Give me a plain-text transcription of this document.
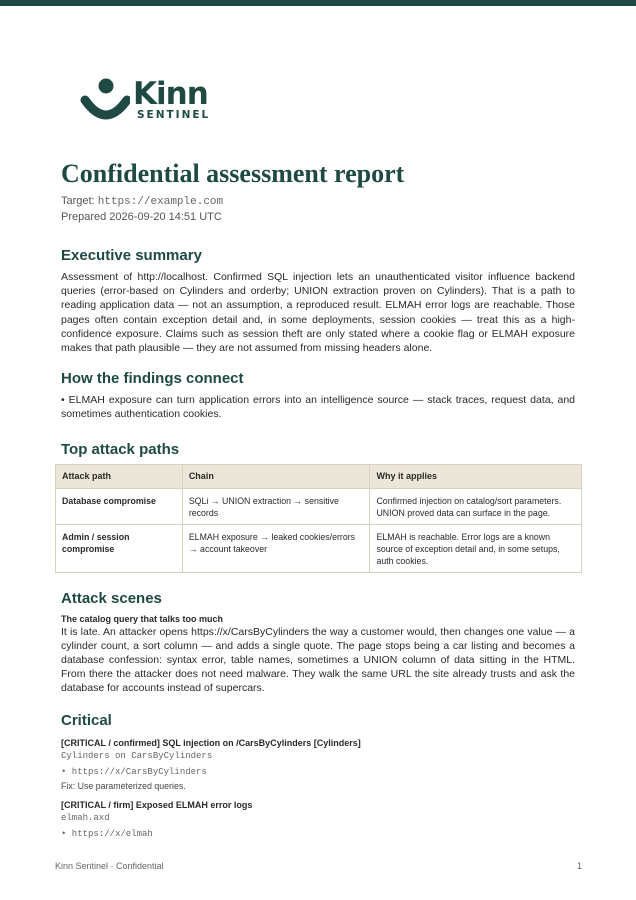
Kinn
SENTINEL
Confidential assessment report
Target: https://example.com
Prepared 2026-09-20 14:51 UTC
Executive summary

Assessment of http://localhost. Confirmed SQL injection lets an unauthenticated visitor influence backend queries (error-based on Cylinders and orderby; UNION extraction proven on Cylinders). That is a path to reading application data — not an assumption, a reproduced result. ELMAH error logs are reachable. Those pages often contain exception detail and, in some deployments, session cookies — treat this as a high-confidence exposure. Claims such as session theft are only stated where a cookie flag or ELMAH exposure makes that path plausible — they are not assumed from missing headers alone.

How the findings connect

• ELMAH exposure can turn application errors into an intelligence source — stack traces, request data, and sometimes authentication cookies.

Top attack paths
Attack path	Chain	Why it applies
Database compromise	SQLi → UNION extraction → sensitive records	Confirmed injection on catalog/sort parameters. UNION proved data can surface in the page.
Admin / session compromise	ELMAH exposure → leaked cookies/errors → account takeover	ELMAH is reachable. Error logs are a known source of exception detail and, in some setups, auth cookies.
Attack scenes
The catalog query that talks too much

It is late. An attacker opens https://x/CarsByCylinders the way a customer would, then changes one value — a cylinder count, a sort column — and adds a single quote. The page stops being a car listing and becomes a database confession: syntax error, table names, sometimes a UNION column of data sitting in the HTML. From there the attacker does not need malware. They walk the same URL the site already trusts and ask the database for accounts instead of supercars.

Critical
[CRITICAL / confirmed] SQL injection on /CarsByCylinders [Cylinders]
Cylinders on CarsByCylinders
• https://x/CarsByCylinders
Fix: Use parameterized queries.
[CRITICAL / firm] Exposed ELMAH error logs
elmah.axd
• https://x/elmah
Kinn Sentinel · Confidential	1
